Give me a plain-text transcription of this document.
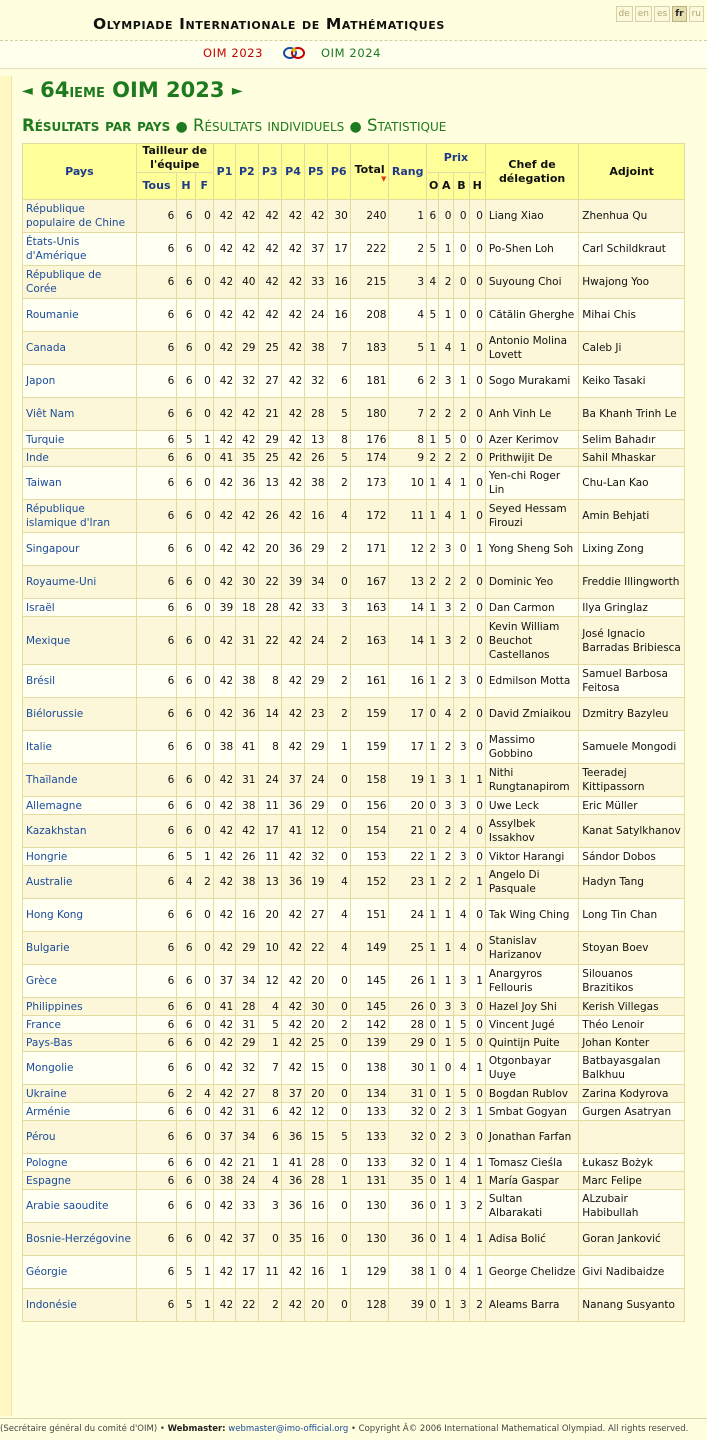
Olympiade Internationale de Mathématiques
de en es fr ru
OIM 2023	OIM 2024
◄ 64ieme OIM 2023 ►
Résultats par pays ● Résultats individuels ● Statistique
Pays	Tailleur de l'équipe			P1	P2	P3	P4	P5	P6	Total
▼	Rang	Prix				Chef de délegation	Adjoint
	Tous	H	F									O	A	B	H		
République populaire de Chine	6	6	0	42	42	42	42	42	30	240	1	6	0	0	0	Liang Xiao	Zhenhua Qu
États-Unis d'Amérique	6	6	0	42	42	42	42	37	17	222	2	5	1	0	0	Po-Shen Loh	Carl Schildkraut
République de Corée	6	6	0	42	40	42	42	33	16	215	3	4	2	0	0	Suyoung Choi	Hwajong Yoo
Roumanie	6	6	0	42	42	42	42	24	16	208	4	5	1	0	0	Cătălin Gherghe	Mihai Chis
Canada	6	6	0	42	29	25	42	38	7	183	5	1	4	1	0	Antonio Molina Lovett	Caleb Ji
Japon	6	6	0	42	32	27	42	32	6	181	6	2	3	1	0	Sogo Murakami	Keiko Tasaki
Viêt Nam	6	6	0	42	42	21	42	28	5	180	7	2	2	2	0	Anh Vinh Le	Ba Khanh Trinh Le
Turquie	6	5	1	42	42	29	42	13	8	176	8	1	5	0	0	Azer Kerimov	Selim Bahadır
Inde	6	6	0	41	35	25	42	26	5	174	9	2	2	2	0	Prithwijit De	Sahil Mhaskar
Taiwan	6	6	0	42	36	13	42	38	2	173	10	1	4	1	0	Yen-chi Roger Lin	Chu-Lan Kao
République islamique d'Iran	6	6	0	42	42	26	42	16	4	172	11	1	4	1	0	Seyed Hessam Firouzi	Amin Behjati
Singapour	6	6	0	42	42	20	36	29	2	171	12	2	3	0	1	Yong Sheng Soh	Lixing Zong
Royaume-Uni	6	6	0	42	30	22	39	34	0	167	13	2	2	2	0	Dominic Yeo	Freddie Illingworth
Israël	6	6	0	39	18	28	42	33	3	163	14	1	3	2	0	Dan Carmon	Ilya Gringlaz
Mexique	6	6	0	42	31	22	42	24	2	163	14	1	3	2	0	Kevin William Beuchot Castellanos	José Ignacio Barradas Bribiesca
Brésil	6	6	0	42	38	8	42	29	2	161	16	1	2	3	0	Edmilson Motta	Samuel Barbosa Feitosa
Biélorussie	6	6	0	42	36	14	42	23	2	159	17	0	4	2	0	David Zmiaikou	Dzmitry Bazyleu
Italie	6	6	0	38	41	8	42	29	1	159	17	1	2	3	0	Massimo Gobbino	Samuele Mongodi
Thaïlande	6	6	0	42	31	24	37	24	0	158	19	1	3	1	1	Nithi Rungtanapirom	Teeradej Kittipassorn
Allemagne	6	6	0	42	38	11	36	29	0	156	20	0	3	3	0	Uwe Leck	Eric Müller
Kazakhstan	6	6	0	42	42	17	41	12	0	154	21	0	2	4	0	Assylbek Issakhov	Kanat Satylkhanov
Hongrie	6	5	1	42	26	11	42	32	0	153	22	1	2	3	0	Viktor Harangi	Sándor Dobos
Australie	6	4	2	42	38	13	36	19	4	152	23	1	2	2	1	Angelo Di Pasquale	Hadyn Tang
Hong Kong	6	6	0	42	16	20	42	27	4	151	24	1	1	4	0	Tak Wing Ching	Long Tin Chan
Bulgarie	6	6	0	42	29	10	42	22	4	149	25	1	1	4	0	Stanislav Harizanov	Stoyan Boev
Grèce	6	6	0	37	34	12	42	20	0	145	26	1	1	3	1	Anargyros Fellouris	Silouanos Brazitikos
Philippines	6	6	0	41	28	4	42	30	0	145	26	0	3	3	0	Hazel Joy Shi	Kerish Villegas
France	6	6	0	42	31	5	42	20	2	142	28	0	1	5	0	Vincent Jugé	Théo Lenoir
Pays-Bas	6	6	0	42	29	1	42	25	0	139	29	0	1	5	0	Quintijn Puite	Johan Konter
Mongolie	6	6	0	42	32	7	42	15	0	138	30	1	0	4	1	Otgonbayar Uuye	Batbayasgalan Balkhuu
Ukraine	6	2	4	42	27	8	37	20	0	134	31	0	1	5	0	Bogdan Rublov	Zarina Kodyrova
Arménie	6	6	0	42	31	6	42	12	0	133	32	0	2	3	1	Smbat Gogyan	Gurgen Asatryan
Pérou	6	6	0	37	34	6	36	15	5	133	32	0	2	3	0	Jonathan Farfan	
Pologne	6	6	0	42	21	1	41	28	0	133	32	0	1	4	1	Tomasz Cieśla	Łukasz Bożyk
Espagne	6	6	0	38	24	4	36	28	1	131	35	0	1	4	1	María Gaspar	Marc Felipe
Arabie saoudite	6	6	0	42	33	3	36	16	0	130	36	0	1	3	2	Sultan Albarakati	ALzubair Habibullah
Bosnie-Herzégovine	6	6	0	42	37	0	35	16	0	130	36	0	1	4	1	Adisa Bolić	Goran Janković
Géorgie	6	5	1	42	17	11	42	16	1	129	38	1	0	4	1	George Chelidze	Givi Nadibaidze
Indonésie	6	5	1	42	22	2	42	20	0	128	39	0	1	3	2	Aleams Barra	Nanang Susyanto
(Secrétaire général du comité d'OIM) • Webmaster: webmaster@imo-official.org • Copyright Â© 2006 International Mathematical Olympiad. All rights reserved.
